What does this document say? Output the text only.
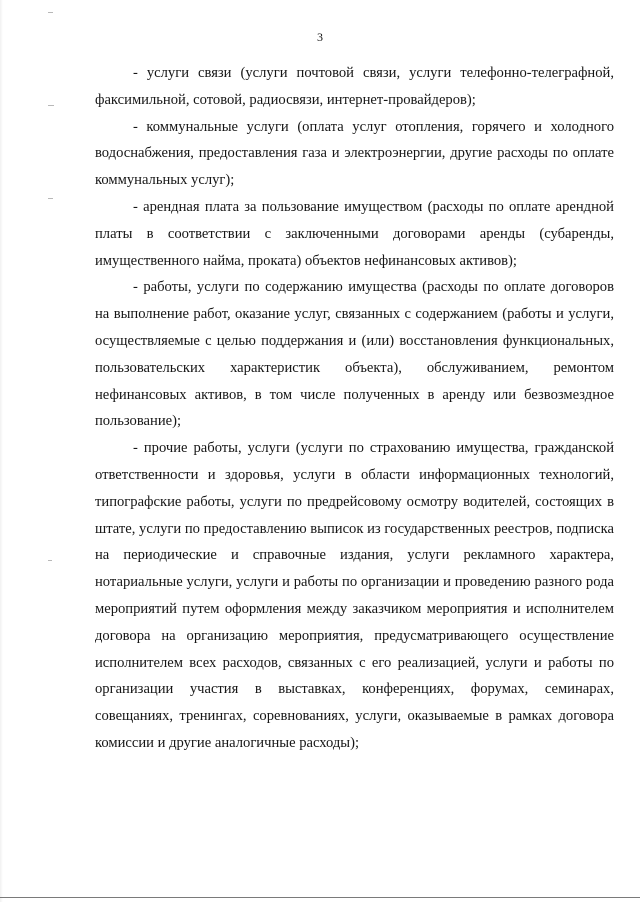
3

- услуги связи (услуги почтовой связи, услуги телефонно-телеграфной, факсимильной, сотовой, радиосвязи, интернет-провайдеров);

- коммунальные услуги (оплата услуг отопления, горячего и холодного водоснабжения, предоставления газа и электроэнергии, другие расходы по оплате коммунальных услуг);

- арендная плата за пользование имуществом (расходы по оплате арендной платы в соответствии с заключенными договорами аренды (субаренды, имущественного найма, проката) объектов нефинансовых активов);

- работы, услуги по содержанию имущества (расходы по оплате договоров на выполнение работ, оказание услуг, связанных с содержанием (работы и услуги, осуществляемые с целью поддержания и (или) восстановления функциональных, пользовательских характеристик объекта), обслуживанием, ремонтом нефинансовых активов, в том числе полученных в аренду или безвозмездное пользование);

- прочие работы, услуги (услуги по страхованию имущества, гражданской ответственности и здоровья, услуги в области информационных технологий, типографские работы, услуги по предрейсовому осмотру водителей, состоящих в штате, услуги по предоставлению выписок из государственных реестров, подписка на периодические и справочные издания, услуги рекламного характера, нотариальные услуги, услуги и работы по организации и проведению разного рода мероприятий путем оформления между заказчиком мероприятия и исполнителем договора на организацию мероприятия, предусматривающего осуществление исполнителем всех расходов, связанных с его реализацией, услуги и работы по организации участия в выставках, конференциях, форумах, семинарах, совещаниях, тренингах, соревнованиях, услуги, оказываемые в рамках договора комиссии и другие аналогичные расходы);
